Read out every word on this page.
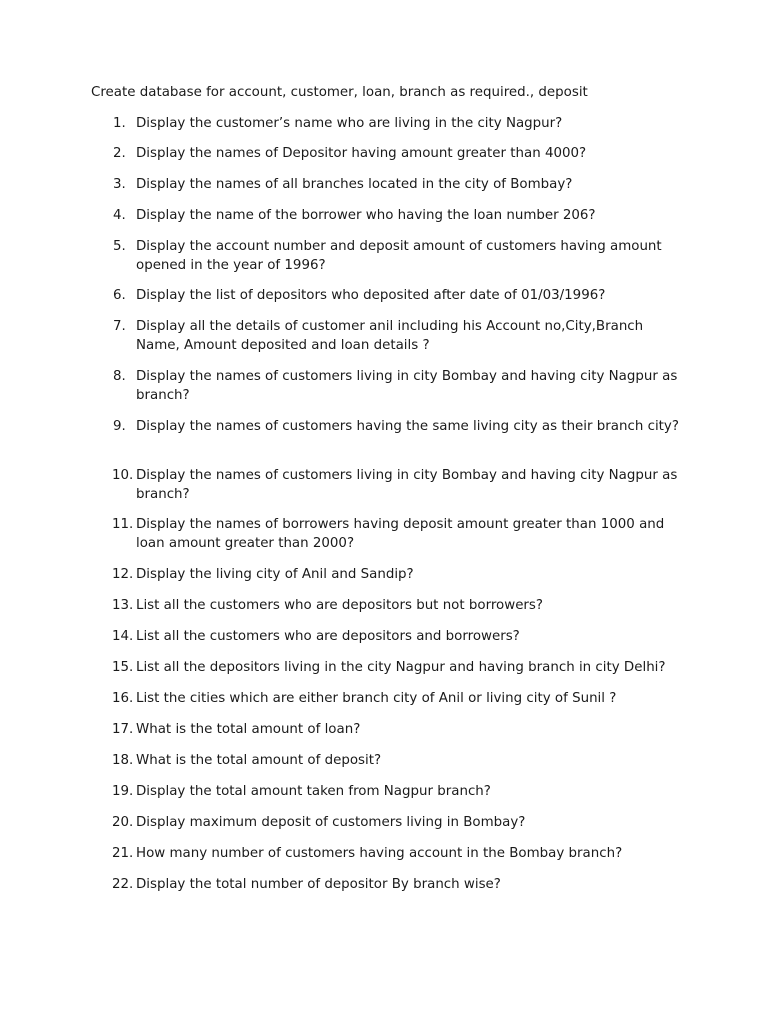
Create database for account, customer, loan, branch as required., deposit
1. Display the customer’s name who are living in the city Nagpur?
2. Display the names of Depositor having amount greater than 4000?
3. Display the names of all branches located in the city of Bombay?
4. Display the name of the borrower who having the loan number 206?
5. Display the account number and deposit amount of customers having amount opened in the year of 1996?
6. Display the list of depositors who deposited after date of 01/03/1996?
7. Display all the details of customer anil including his Account no,City,Branch Name, Amount deposited and loan details ?
8. Display the names of customers living in city Bombay and having city Nagpur as branch?
9. Display the names of customers having the same living city as their branch city?
10. Display the names of customers living in city Bombay and having city Nagpur as branch?
11. Display the names of borrowers having deposit amount greater than 1000 and loan amount greater than 2000?
12. Display the living city of Anil and Sandip?
13. List all the customers who are depositors but not borrowers?
14. List all the customers who are depositors and borrowers?
15. List all the depositors living in the city Nagpur and having branch in city Delhi?
16. List the cities which are either branch city of Anil or living city of Sunil ?
17. What is the total amount of loan?
18. What is the total amount of deposit?
19. Display the total amount taken from Nagpur branch?
20. Display maximum deposit of customers living in Bombay?
21. How many number of customers having account in the Bombay branch?
22. Display the total number of depositor By branch wise?
